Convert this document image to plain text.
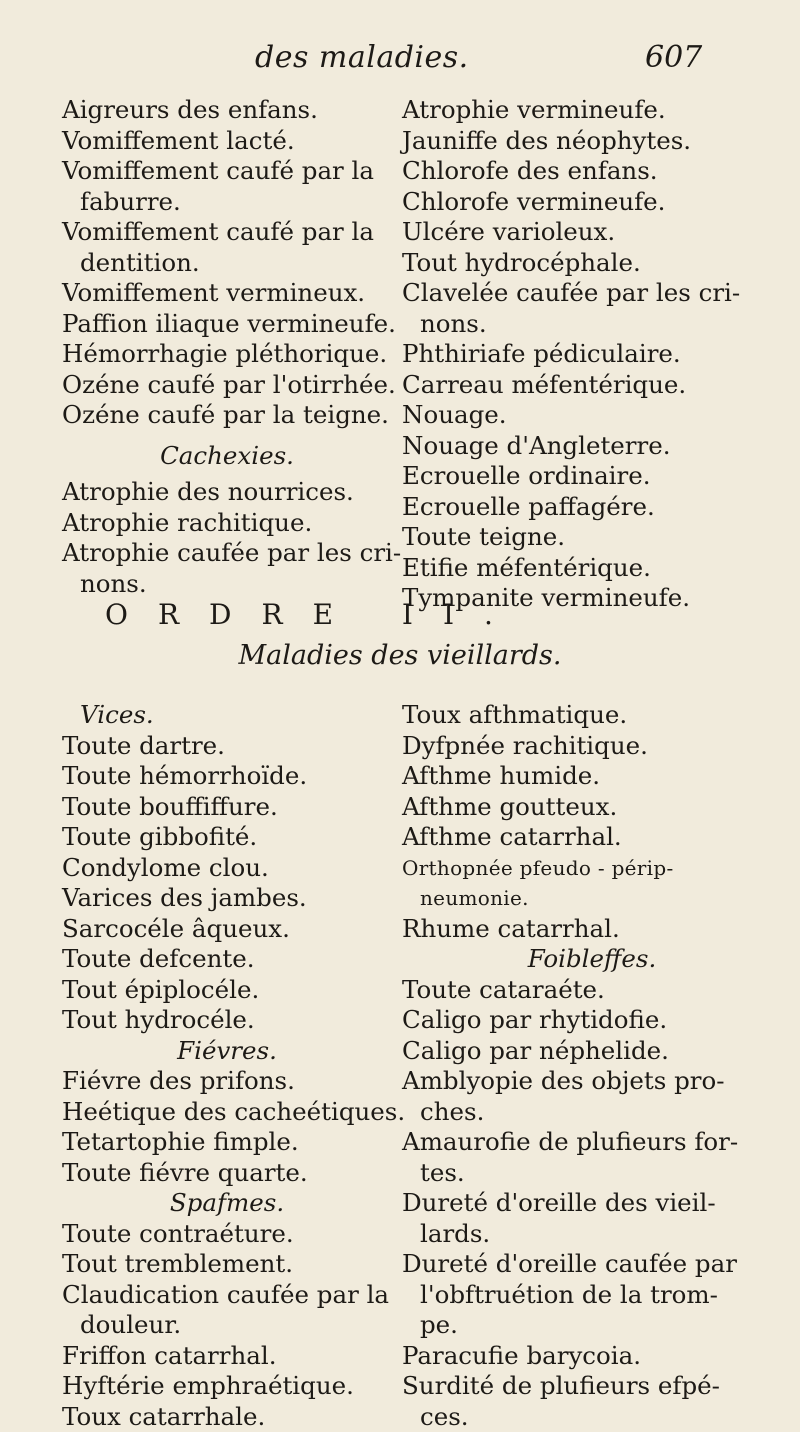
des maladies.	607
Aigreurs des enfans.
Vomiffement lacté.
Vomiffement caufé par la
faburre.
Vomiffement caufé par la
dentition.
Vomiffement vermineux.
Paffion iliaque vermineufe.
Hémorrhagie pléthorique.
Ozéne caufé par l'otirrhée.
Ozéne caufé par la teigne.
Cachexies.
Atrophie des nourrices.
Atrophie rachitique.
Atrophie caufée par les cri-
nons.
Atrophie vermineufe.
Jauniffe des néophytes.
Chlorofe des enfans.
Chlorofe vermineufe.
Ulcére varioleux.
Tout hydrocéphale.
Clavelée caufée par les cri-
nons.
Phthiriafe pédiculaire.
Carreau méfentérique.
Nouage.
Nouage d'Angleterre.
Ecrouelle ordinaire.
Ecrouelle paffagére.
Toute teigne.
Etifie méfentérique.
Tympanite vermineufe.
ORDRE II.
Maladies des vieillards.
Vices.
Toute dartre.
Toute hémorrhoïde.
Toute bouffiffure.
Toute gibbofité.
Condylome clou.
Varices des jambes.
Sarcocéle âqueux.
Toute defcente.
Tout épiplocéle.
Tout hydrocéle.
Fiévres.
Fiévre des prifons.
Heétique des cacheétiques.
Tetartophie fimple.
Toute fiévre quarte.
Spafmes.
Toute contraéture.
Tout tremblement.
Claudication caufée par la
douleur.
Friffon catarrhal.
Hyftérie emphraétique.
Toux catarrhale.
Toux afthmatique.
Dyfpnée rachitique.
Afthme humide.
Afthme goutteux.
Afthme catarrhal.
Orthopnée pfeudo - périp-
neumonie.
Rhume catarrhal.
Foibleffes.
Toute cataraéte.
Caligo par rhytidofie.
Caligo par néphelide.
Amblyopie des objets pro-
ches.
Amaurofie de plufieurs for-
tes.
Dureté d'oreille des vieil-
lards.
Dureté d'oreille caufée par
l'obftruétion de la trom-
pe.
Paracufie barycoia.
Surdité de plufieurs efpé-
ces.
